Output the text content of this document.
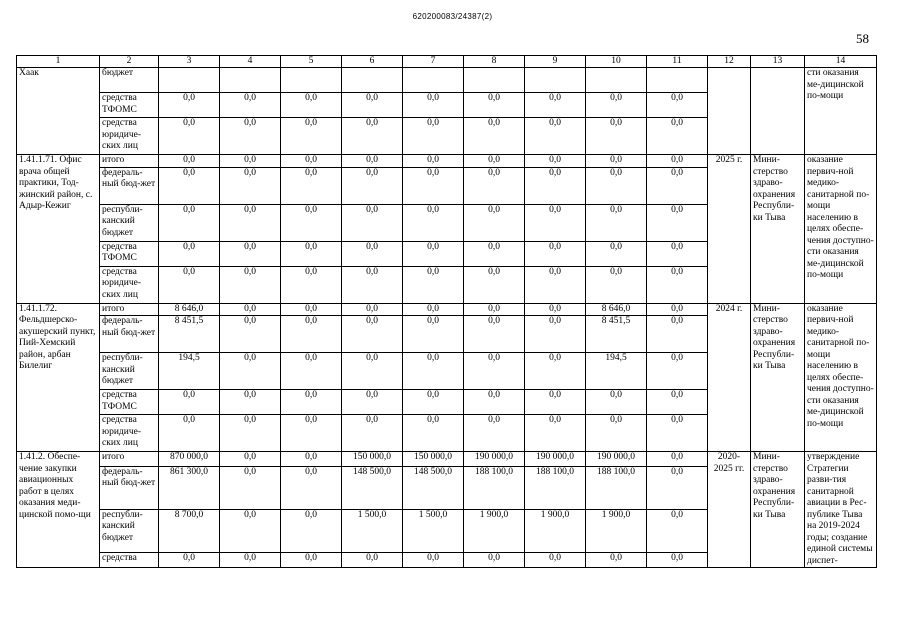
620200083/24387(2)
58
1	2	3	4	5	6	7	8	9	10	11	12	13	14
Хаак	бюджет												сти оказания ме-дицинской по-мощи
	средства ТФОМС	0,0	0,0	0,0	0,0	0,0	0,0	0,0	0,0	0,0			
	средства юридиче-ских лиц	0,0	0,0	0,0	0,0	0,0	0,0	0,0	0,0	0,0			
1.41.1.71. Офис врача общей практики, Тод-жинский район, с. Адыр-Кежиг	итого	0,0	0,0	0,0	0,0	0,0	0,0	0,0	0,0	0,0	2025 г.	Мини-стерство здраво-охранения Республи-ки Тыва	оказание первич-ной медико-санитарной по-мощи населению в целях обеспе-чения доступно-сти оказания ме-дицинской по-мощи
	федераль-ный бюд-жет	0,0	0,0	0,0	0,0	0,0	0,0	0,0	0,0	0,0			
	республи-канский бюджет	0,0	0,0	0,0	0,0	0,0	0,0	0,0	0,0	0,0			
	средства ТФОМС	0,0	0,0	0,0	0,0	0,0	0,0	0,0	0,0	0,0			
	средства юридиче-ских лиц	0,0	0,0	0,0	0,0	0,0	0,0	0,0	0,0	0,0			
1.41.1.72. Фельдшерско-акушерский пункт, Пий-Хемский район, арбан Билелиг	итого	8 646,0	0,0	0,0	0,0	0,0	0,0	0,0	8 646,0	0,0	2024 г.	Мини-стерство здраво-охранения Республи-ки Тыва	оказание первич-ной медико-санитарной по-мощи населению в целях обеспе-чения доступно-сти оказания ме-дицинской по-мощи
	федераль-ный бюд-жет	8 451,5	0,0	0,0	0,0	0,0	0,0	0,0	8 451,5	0,0			
	республи-канский бюджет	194,5	0,0	0,0	0,0	0,0	0,0	0,0	194,5	0,0			
	средства ТФОМС	0,0	0,0	0,0	0,0	0,0	0,0	0,0	0,0	0,0			
	средства юридиче-ских лиц	0,0	0,0	0,0	0,0	0,0	0,0	0,0	0,0	0,0			
1.41.2. Обеспе-чение закупки авиационных работ в целях оказания меди-цинской помо-щи	итого	870 000,0	0,0	0,0	150 000,0	150 000,0	190 000,0	190 000,0	190 000,0	0,0	2020-2025 гг.	Мини-стерство здраво-охранения Республи-ки Тыва	утверждение Стратегии разви-тия санитарной авиации в Рес-публике Тыва на 2019-2024 годы; создание единой системы диспет-
	федераль-ный бюд-жет	861 300,0	0,0	0,0	148 500,0	148 500,0	188 100,0	188 100,0	188 100,0	0,0			
	республи-канский бюджет	8 700,0	0,0	0,0	1 500,0	1 500,0	1 900,0	1 900,0	1 900,0	0,0			
	средства	0,0	0,0	0,0	0,0	0,0	0,0	0,0	0,0	0,0			
